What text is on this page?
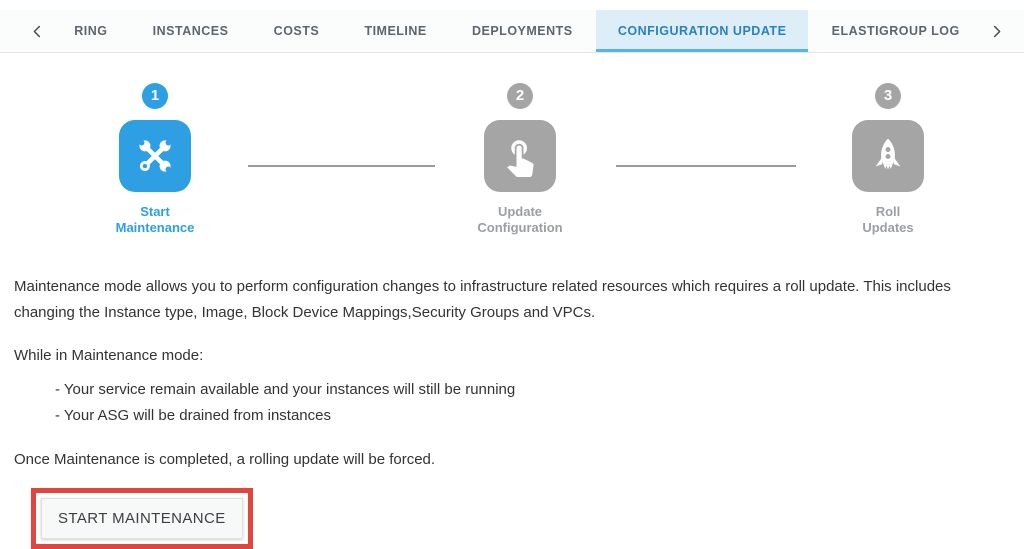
RING	INSTANCES	COSTS	TIMELINE	DEPLOYMENTS	CONFIGURATION UPDATE	ELASTIGROUP LOG
1
Start
Maintenance
2
Update
Configuration
3
Roll
Updates

Maintenance mode allows you to perform configuration changes to infrastructure related resources which requires a roll update. This includes changing the Instance type, Image, Block Device Mappings,Security Groups and VPCs.

While in Maintenance mode:
- Your service remain available and your instances will still be running
- Your ASG will be drained from instances
Once Maintenance is completed, a rolling update will be forced.
START MAINTENANCE
